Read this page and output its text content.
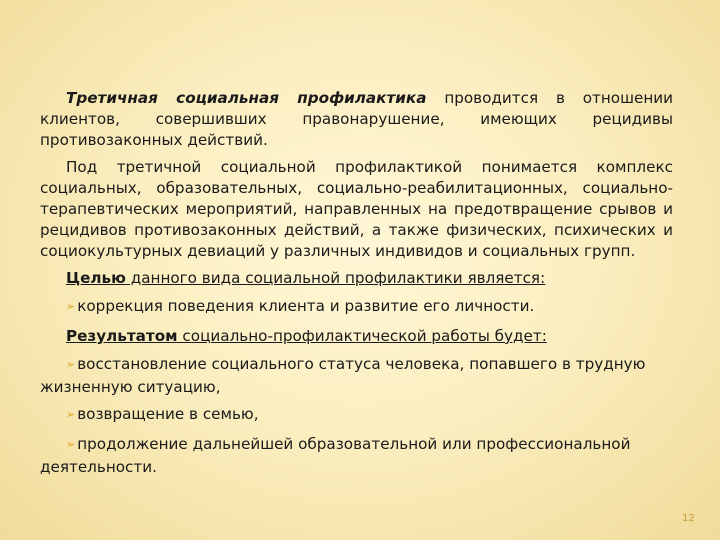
Третичная социальная профилактика проводится в отношении клиентов, совершивших правонарушение, имеющих рецидивы противозаконных действий.

Под третичной социальной профилактикой понимается комплекс социальных, образовательных, социально-реабилитационных, социально-терапевтических мероприятий, направленных на предотвращение срывов и рецидивов противозаконных действий, а также физических, психических и социокультурных девиаций у различных индивидов и социальных групп.

Целью данного вида социальной профилактики является:

➢ коррекция поведения клиента и развитие его личности.

Результатом социально-профилактической работы будет:

➢ восстановление социального статуса человека, попавшего в трудную жизненную ситуацию,

➢ возвращение в семью,

➢ продолжение дальнейшей образовательной или профессиональной деятельности.

12
